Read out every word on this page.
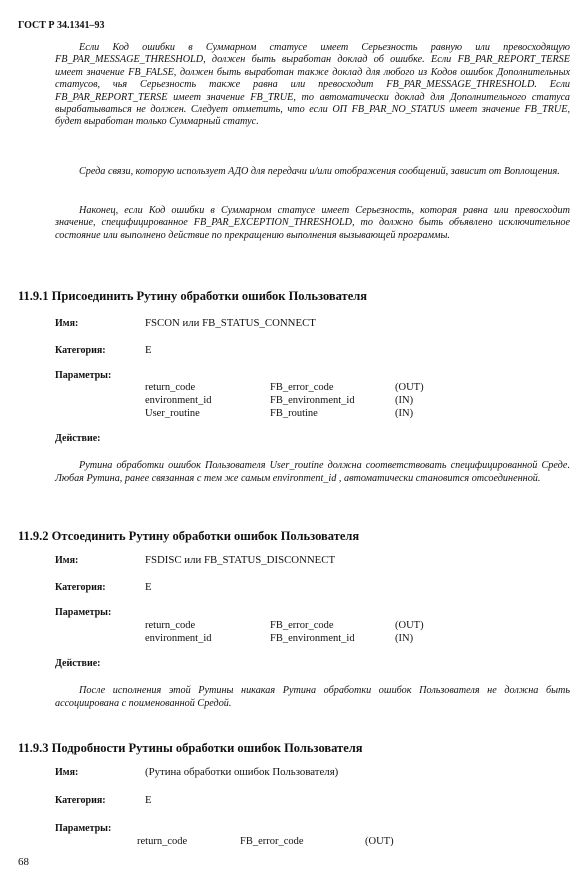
ГОСТ Р 34.1341–93

Если Код ошибки в Суммарном статусе имеет Серьезность равную или превосходящую FB_PAR_MESSAGE_THRESHOLD, должен быть выработан доклад об ошибке. Если FB_PAR_REPORT_TERSE имеет значение FB_FALSE, должен быть выработан также доклад для любого из Кодов ошибок Дополнительных статусов, чья Серьезность также равна или превосходит FB_PAR_MESSAGE_THRESHOLD. Если FB_PAR_REPORT_TERSE имеет значение FB_TRUE, то автоматически доклад для Дополнительного статуса вырабатываться не должен. Следует отметить, что если ОП FB_PAR_NO_STATUS имеет значение FB_TRUE, будет выработан только Суммарный статус.

Среда связи, которую использует АДО для передачи и/или отображения сообщений, зависит от Воплощения.

Наконец, если Код ошибки в Суммарном статусе имеет Серьезность, которая равна или превосходит значение, специфицированное FB_PAR_EXCEPTION_THRESHOLD, то должно быть объявлено исключительное состояние или выполнено действие по прекращению выполнения вызывающей программы.

11.9.1 Присоединить Рутину обработки ошибок Пользователя
Имя:	FSCON или FB_STATUS_CONNECT
Категория:	E
Параметры:
return_code	FB_error_code	(OUT)
environment_id	FB_environment_id	(IN)
User_routine	FB_routine	(IN)
Действие:

Рутина обработки ошибок Пользователя User_routine должна соответствовать специфицированной Среде. Любая Рутина, ранее связанная с тем же самым environment_id , автоматически становится отсоединенной.

11.9.2 Отсоединить Рутину обработки ошибок Пользователя
Имя:	FSDISC или FB_STATUS_DISCONNECT
Категория:	E
Параметры:
return_code	FB_error_code	(OUT)
environment_id	FB_environment_id	(IN)
Действие:

После исполнения этой Рутины никакая Рутина обработки ошибок Пользователя не должна быть ассоциирована с поименованной Средой.

11.9.3 Подробности Рутины обработки ошибок Пользователя
Имя:	(Рутина обработки ошибок Пользователя)
Категория:	E
Параметры:
return_code	FB_error_code	(OUT)
68
